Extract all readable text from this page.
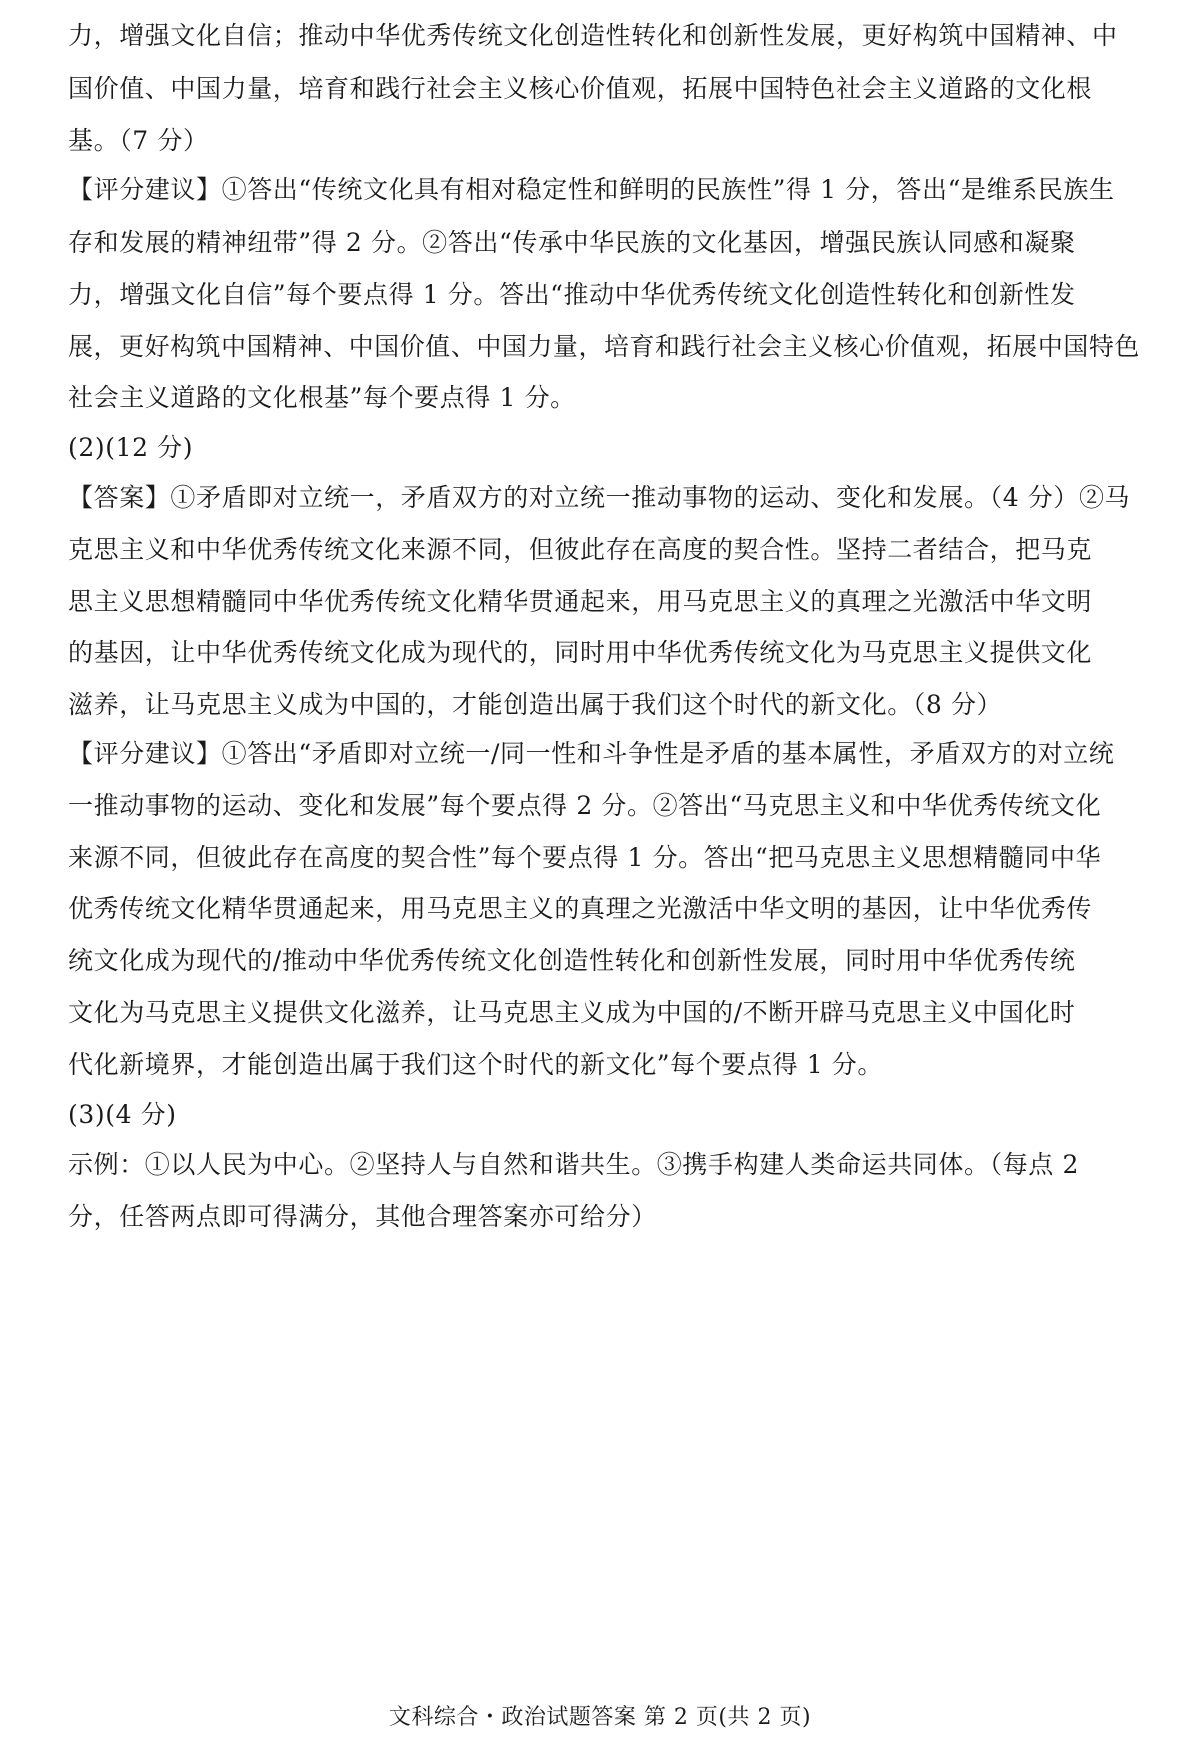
力，增强文化自信；推动中华优秀传统文化创造性转化和创新性发展，更好构筑中国精神、中
国价值、中国力量，培育和践行社会主义核心价值观，拓展中国特色社会主义道路的文化根
基。（7 分）
【评分建议】①答出“传统文化具有相对稳定性和鲜明的民族性”得 1 分，答出“是维系民族生
存和发展的精神纽带”得 2 分。②答出“传承中华民族的文化基因，增强民族认同感和凝聚
力，增强文化自信”每个要点得 1 分。答出“推动中华优秀传统文化创造性转化和创新性发
展，更好构筑中国精神、中国价值、中国力量，培育和践行社会主义核心价值观，拓展中国特色
社会主义道路的文化根基”每个要点得 1 分。
(2)(12 分)
【答案】①矛盾即对立统一，矛盾双方的对立统一推动事物的运动、变化和发展。（4 分）②马
克思主义和中华优秀传统文化来源不同，但彼此存在高度的契合性。坚持二者结合，把马克
思主义思想精髓同中华优秀传统文化精华贯通起来，用马克思主义的真理之光激活中华文明
的基因，让中华优秀传统文化成为现代的，同时用中华优秀传统文化为马克思主义提供文化
滋养，让马克思主义成为中国的，才能创造出属于我们这个时代的新文化。（8 分）
【评分建议】①答出“矛盾即对立统一/同一性和斗争性是矛盾的基本属性，矛盾双方的对立统
一推动事物的运动、变化和发展”每个要点得 2 分。②答出“马克思主义和中华优秀传统文化
来源不同，但彼此存在高度的契合性”每个要点得 1 分。答出“把马克思主义思想精髓同中华
优秀传统文化精华贯通起来，用马克思主义的真理之光激活中华文明的基因，让中华优秀传
统文化成为现代的/推动中华优秀传统文化创造性转化和创新性发展，同时用中华优秀传统
文化为马克思主义提供文化滋养，让马克思主义成为中国的/不断开辟马克思主义中国化时
代化新境界，才能创造出属于我们这个时代的新文化”每个要点得 1 分。
(3)(4 分)
示例：①以人民为中心。②坚持人与自然和谐共生。③携手构建人类命运共同体。（每点 2
分，任答两点即可得满分，其他合理答案亦可给分）
文科综合・政治试题答案 第 2 页(共 2 页)
